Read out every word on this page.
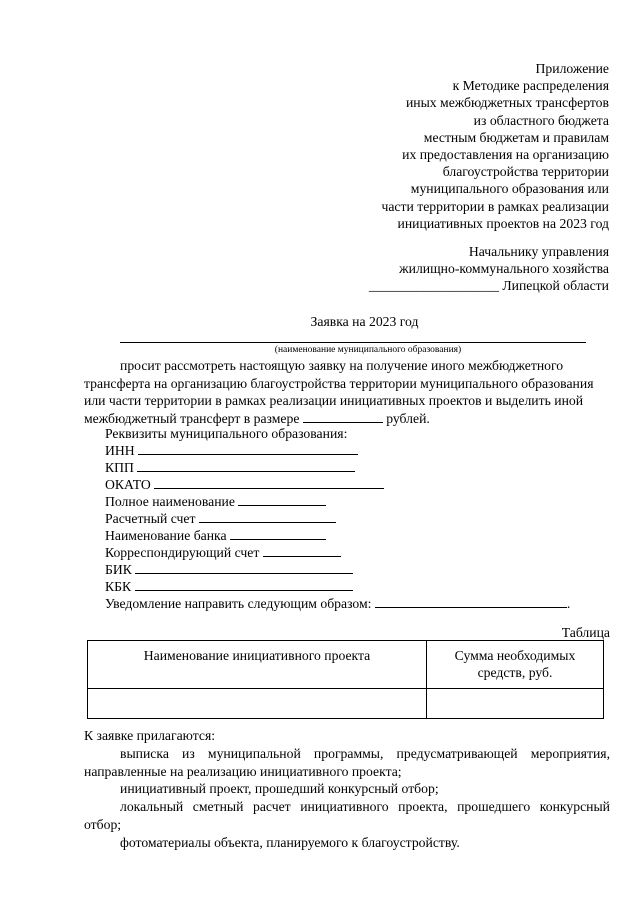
Приложение
к Методике распределения
иных межбюджетных трансфертов
из областного бюджета
местным бюджетам и правилам
их предоставления на организацию
благоустройства территории
муниципального образования или
части территории в рамках реализации
инициативных проектов на 2023 год
Начальнику управления
жилищно-коммунального хозяйства
___________________ Липецкой области
Заявка на 2023 год
(наименование муниципального образования)

просит рассмотреть настоящую заявку на получение иного межбюджетного трансферта на организацию благоустройства территории муниципального образования или части территории в рамках реализации инициативных проектов и выделить иной межбюджетный трансферт в размере	рублей.

Реквизиты муниципального образования:
ИНН
КПП
ОКАТО
Полное наименование
Расчетный счет
Наименование банка
Корреспондирующий счет
БИК
КБК
Уведомление направить следующим образом:	.
Таблица
Наименование инициативного проекта	Сумма необходимых
средств, руб.

К заявке прилагаются:

выписка из муниципальной программы, предусматривающей мероприятия, направленные на реализацию инициативного проекта;

инициативный проект, прошедший конкурсный отбор;

локальный сметный расчет инициативного проекта, прошедшего конкурсный отбор;

фотоматериалы объекта, планируемого к благоустройству.
